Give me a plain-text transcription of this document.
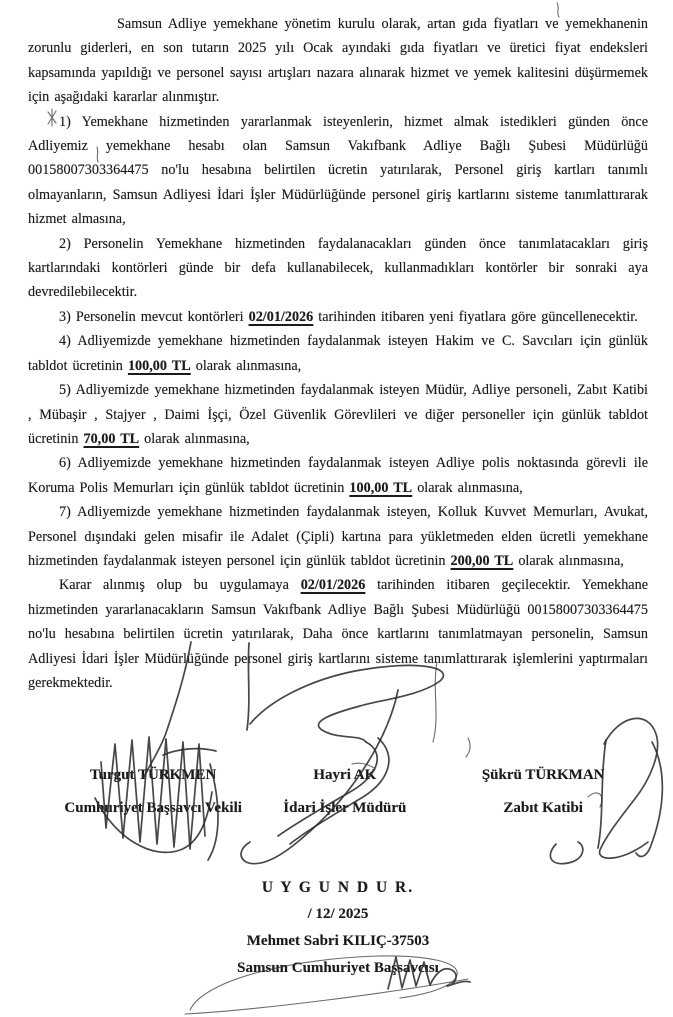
Samsun Adliye yemekhane yönetim kurulu olarak, artan gıda fiyatları ve yemekhanenin zorunlu giderleri, en son tutarın 2025 yılı Ocak ayındaki gıda fiyatları ve üretici fiyat endeksleri kapsamında yapıldığı ve personel sayısı artışları nazara alınarak hizmet ve yemek kalitesini düşürmemek için aşağıdaki kararlar alınmıştır.

1) Yemekhane hizmetinden yararlanmak isteyenlerin, hizmet almak istedikleri günden önce Adliyemiz yemekhane hesabı olan Samsun Vakıfbank Adliye Bağlı Şubesi Müdürlüğü 00158007303364475 no'lu hesabına belirtilen ücretin yatırılarak, Personel giriş kartları tanımlı olmayanların, Samsun Adliyesi İdari İşler Müdürlüğünde personel giriş kartlarını sisteme tanımlattırarak hizmet almasına,

2) Personelin Yemekhane hizmetinden faydalanacakları günden önce tanımlatacakları giriş kartlarındaki kontörleri günde bir defa kullanabilecek, kullanmadıkları kontörler bir sonraki aya devredilebilecektir.

3) Personelin mevcut kontörleri 02/01/2026 tarihinden itibaren yeni fiyatlara göre güncellenecektir.

4) Adliyemizde yemekhane hizmetinden faydalanmak isteyen Hakim ve C. Savcıları için günlük tabldot ücretinin 100,00 TL olarak alınmasına,

5) Adliyemizde yemekhane hizmetinden faydalanmak isteyen Müdür, Adliye personeli, Zabıt Katibi , Mübaşir , Stajyer , Daimi İşçi, Özel Güvenlik Görevlileri ve diğer personeller için günlük tabldot ücretinin 70,00 TL olarak alınmasına,

6) Adliyemizde yemekhane hizmetinden faydalanmak isteyen Adliye polis noktasında görevli ile Koruma Polis Memurları için günlük tabldot ücretinin 100,00 TL olarak alınmasına,

7) Adliyemizde yemekhane hizmetinden faydalanmak isteyen, Kolluk Kuvvet Memurları, Avukat, Personel dışındaki gelen misafir ile Adalet (Çipli) kartına para yükletmeden elden ücretli yemekhane hizmetinden faydalanmak isteyen personel için günlük tabldot ücretinin 200,00 TL olarak alınmasına,

Karar alınmış olup bu uygulamaya 02/01/2026 tarihinden itibaren geçilecektir. Yemekhane hizmetinden yararlanacakların Samsun Vakıfbank Adliye Bağlı Şubesi Müdürlüğü 00158007303364475 no'lu hesabına belirtilen ücretin yatırılarak, Daha önce kartlarını tanımlatmayan personelin, Samsun Adliyesi İdari İşler Müdürlüğünde personel giriş kartlarını sisteme tanımlattırarak işlemlerini yaptırmaları gerekmektedir.

Turgut TÜRKMEN
Cumhuriyet Başsavcı Vekili
Hayri AK
İdari İşler Müdürü
Şükrü TÜRKMAN
Zabıt Katibi
U Y G U N D U R.
/ 12/ 2025
Mehmet Sabri KILIÇ-37503
Samsun Cumhuriyet Başsavcısı
